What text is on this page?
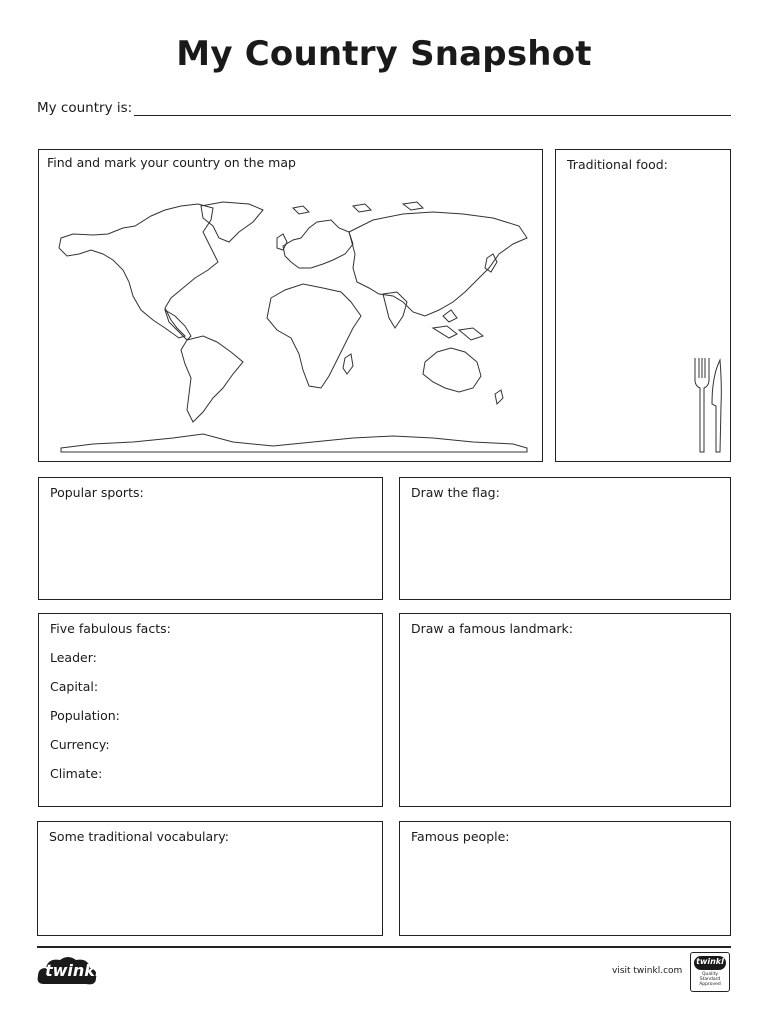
My Country Snapshot
My country is:
Find and mark your country on the map	Traditional food:
Popular sports:	Draw the flag:
Five fabulous facts:
Leader:
Capital:
Population:
Currency:
Climate:
Draw a famous landmark:
Some traditional vocabulary:	Famous people:
twinkl	visit twinkl.com
twinkl
Quality Standard Approved
